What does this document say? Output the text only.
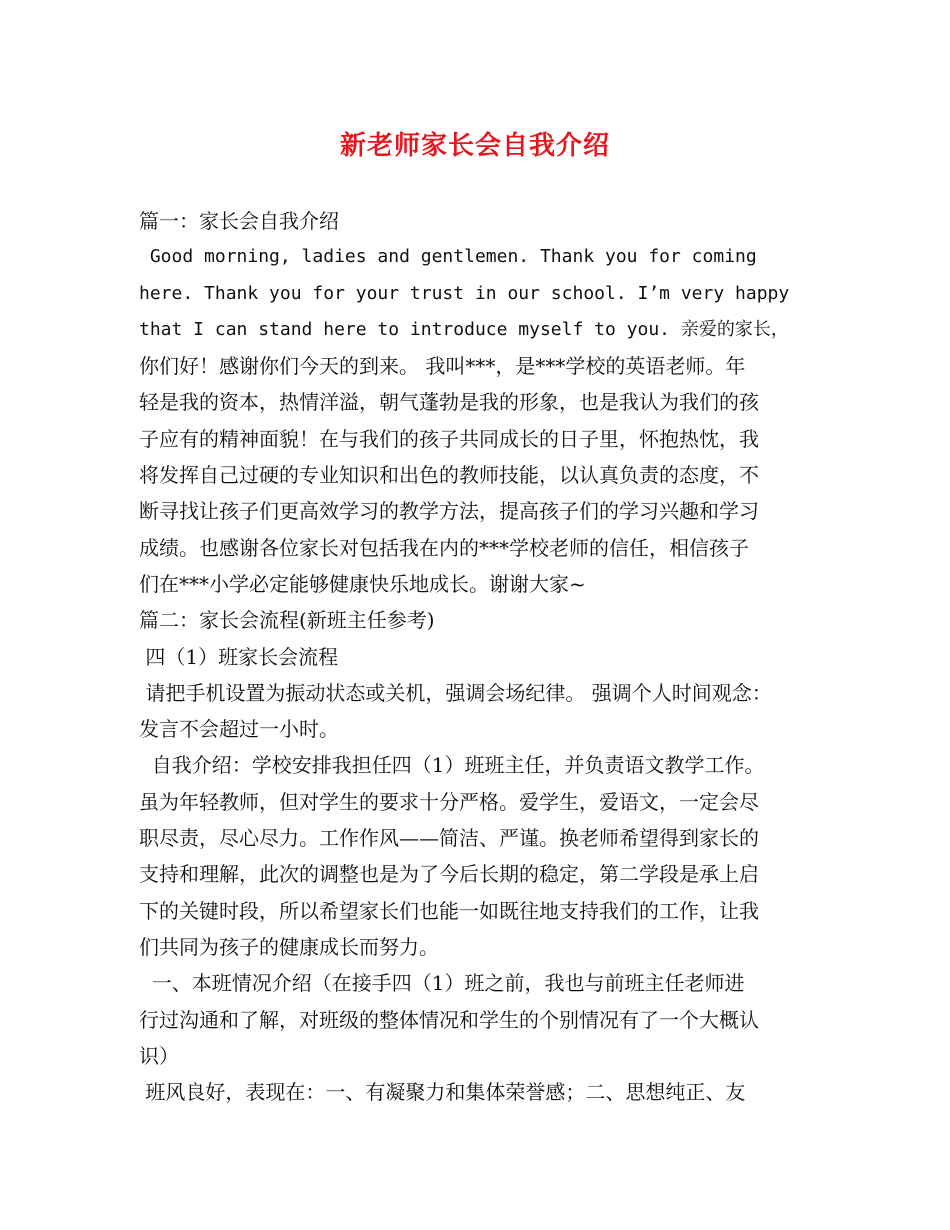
新老师家长会自我介绍
篇一：家长会自我介绍
Good morning, ladies and gentlemen. Thank you for coming
here. Thank you for your trust in our school. I’m very happy
that I can stand here to introduce myself to you. 亲爱的家长，
你们好！感谢你们今天的到来。 我叫***，是***学校的英语老师。年
轻是我的资本，热情洋溢，朝气蓬勃是我的形象，也是我认为我们的孩
子应有的精神面貌！在与我们的孩子共同成长的日子里，怀抱热忱，我
将发挥自己过硬的专业知识和出色的教师技能，以认真负责的态度，不
断寻找让孩子们更高效学习的教学方法，提高孩子们的学习兴趣和学习
成绩。也感谢各位家长对包括我在内的***学校老师的信任，相信孩子
们在***小学必定能够健康快乐地成长。谢谢大家~
篇二：家长会流程(新班主任参考)
四（1）班家长会流程
请把手机设置为振动状态或关机，强调会场纪律。 强调个人时间观念：
发言不会超过一小时。
自我介绍：学校安排我担任四（1）班班主任，并负责语文教学工作。
虽为年轻教师，但对学生的要求十分严格。爱学生，爱语文，一定会尽
职尽责，尽心尽力。工作作风——简洁、严谨。换老师希望得到家长的
支持和理解，此次的调整也是为了今后长期的稳定，第二学段是承上启
下的关键时段，所以希望家长们也能一如既往地支持我们的工作，让我
们共同为孩子的健康成长而努力。
一、本班情况介绍（在接手四（1）班之前，我也与前班主任老师进
行过沟通和了解，对班级的整体情况和学生的个别情况有了一个大概认
识）
班风良好，表现在：一、有凝聚力和集体荣誉感；二、思想纯正、友
